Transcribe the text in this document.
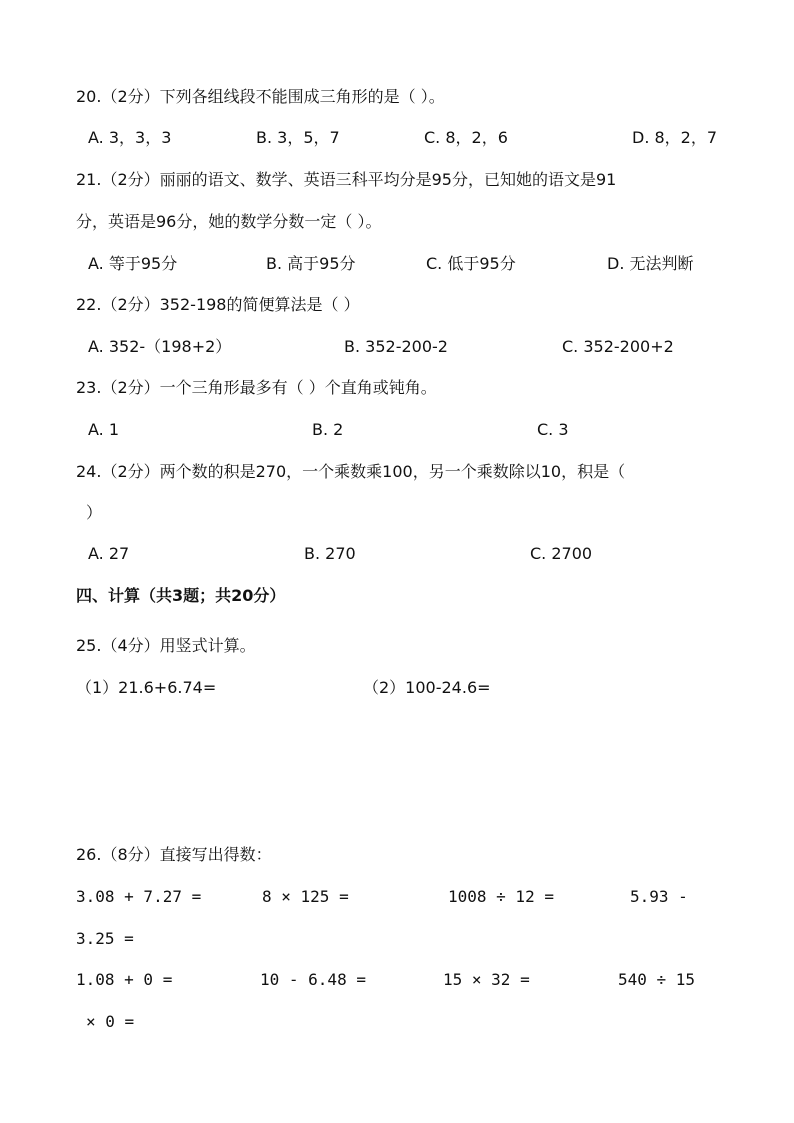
20.（2分）下列各组线段不能围成三角形的是（ ）。
A. 3，3，3	B. 3，5，7	C. 8，2，6	D. 8，2，7
21.（2分）丽丽的语文、数学、英语三科平均分是95分，已知她的语文是91
分，英语是96分，她的数学分数一定（ ）。
A. 等于95分	B. 高于95分	C. 低于95分	D. 无法判断
22.（2分）352-198的简便算法是（ ）
A. 352-（198+2）	B. 352-200-2	C. 352-200+2
23.（2分）一个三角形最多有（ ）个直角或钝角。
A. 1	B. 2	C. 3
24.（2分）两个数的积是270，一个乘数乘100，另一个乘数除以10，积是（
）
A. 27	B. 270	C. 2700
四、计算（共3题；共20分）
25.（4分）用竖式计算。
（1）21.6+6.74=	（2）100-24.6=
26.（8分）直接写出得数：
3.08 + 7.27 =	8 × 125 =	1008 ÷ 12 =	5.93 -
3.25 =
1.08 + 0 =	10 - 6.48 =	15 × 32 =	540 ÷ 15
× 0 =
